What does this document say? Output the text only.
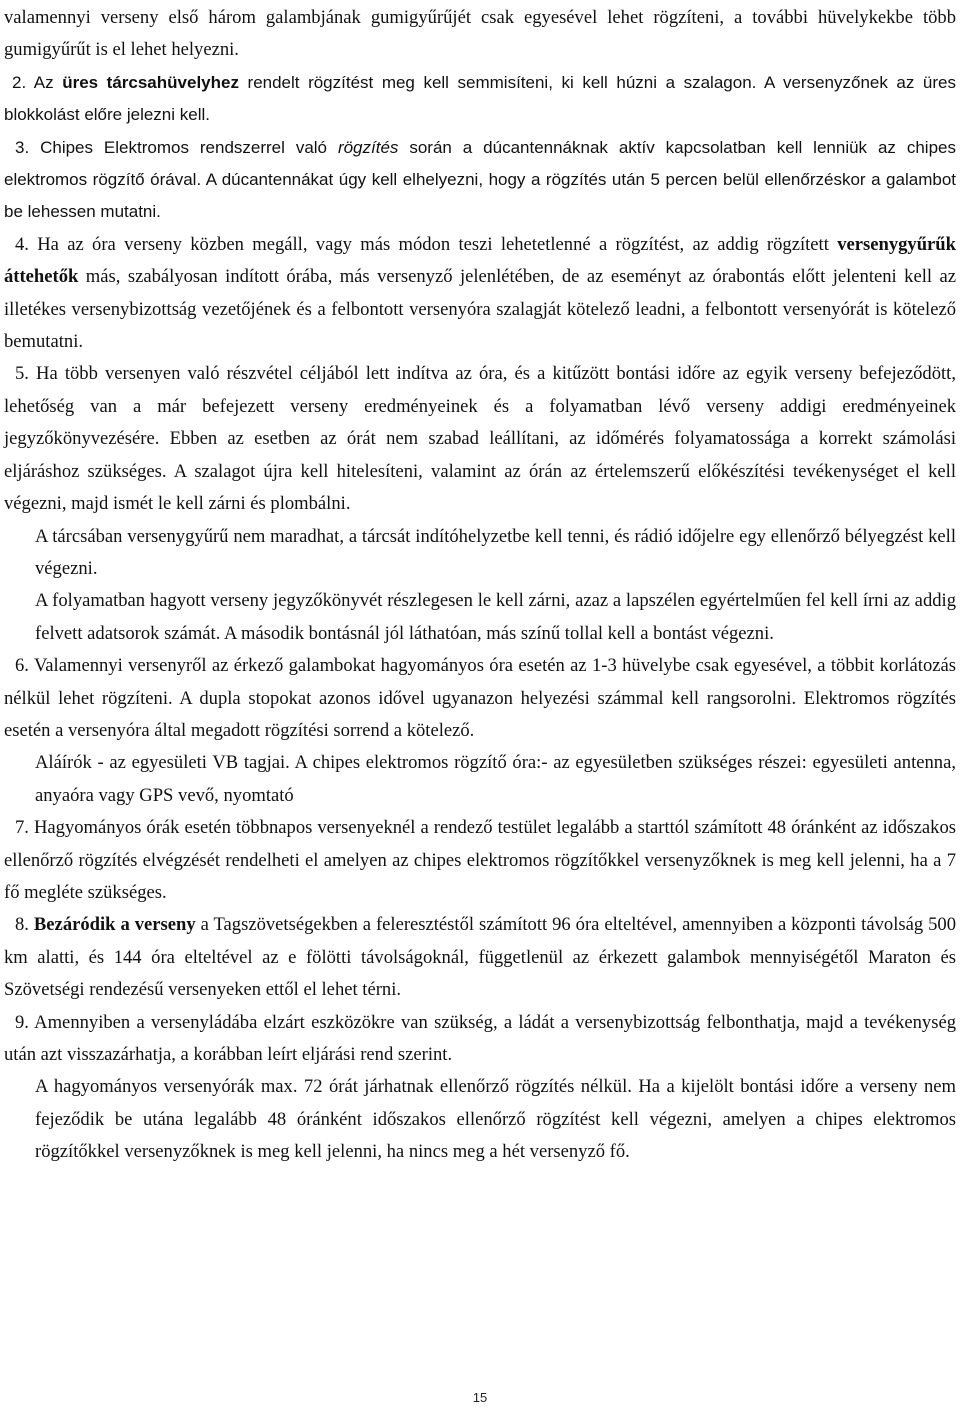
valamennyi verseny első három galambjának gumigyűrűjét csak egyesével lehet rögzíteni, a további hüvelykekbe több gumigyűrűt is el lehet helyezni.

2. Az üres tárcsahüvelyhez rendelt rögzítést meg kell semmisíteni, ki kell húzni a szalagon. A versenyzőnek az üres blokkolást előre jelezni kell.

3. Chipes Elektromos rendszerrel való rögzítés során a dúcantennáknak aktív kapcsolatban kell lenniük az chipes elektromos rögzítő órával. A dúcantennákat úgy kell elhelyezni, hogy a rögzítés után 5 percen belül ellenőrzéskor a galambot be lehessen mutatni.

4. Ha az óra verseny közben megáll, vagy más módon teszi lehetetlenné a rögzítést, az addig rögzített versenygyűrűk áttehetők más, szabályosan indított órába, más versenyző jelenlétében, de az eseményt az órabontás előtt jelenteni kell az illetékes versenybizottság vezetőjének és a felbontott versenyóra szalagját kötelező leadni, a felbontott versenyórát is kötelező bemutatni.

5. Ha több versenyen való részvétel céljából lett indítva az óra, és a kitűzött bontási időre az egyik verseny befejeződött, lehetőség van a már befejezett verseny eredményeinek és a folyamatban lévő verseny addigi eredményeinek jegyzőkönyvezésére. Ebben az esetben az órát nem szabad leállítani, az időmérés folyamatossága a korrekt számolási eljáráshoz szükséges. A szalagot újra kell hitelesíteni, valamint az órán az értelemszerű előkészítési tevékenységet el kell végezni, majd ismét le kell zárni és plombálni.

A tárcsában versenygyűrű nem maradhat, a tárcsát indítóhelyzetbe kell tenni, és rádió időjelre egy ellenőrző bélyegzést kell végezni.

A folyamatban hagyott verseny jegyzőkönyvét részlegesen le kell zárni, azaz a lapszélen egyértelműen fel kell írni az addig felvett adatsorok számát. A második bontásnál jól láthatóan, más színű tollal kell a bontást végezni.

6. Valamennyi versenyről az érkező galambokat hagyományos óra esetén az 1-3 hüvelybe csak egyesével, a többit korlátozás nélkül lehet rögzíteni. A dupla stopokat azonos idővel ugyanazon helyezési számmal kell rangsorolni. Elektromos rögzítés esetén a versenyóra által megadott rögzítési sorrend a kötelező.

Aláírók - az egyesületi VB tagjai. A chipes elektromos rögzítő óra:- az egyesületben szükséges részei: egyesületi antenna, anyaóra vagy GPS vevő, nyomtató

7. Hagyományos órák esetén többnapos versenyeknél a rendező testület legalább a starttól számított 48 óránként az időszakos ellenőrző rögzítés elvégzését rendelheti el amelyen az chipes elektromos rögzítőkkel versenyzőknek is meg kell jelenni, ha a 7 fő megléte szükséges.

8. Bezáródik a verseny a Tagszövetségekben a feleresztéstől számított 96 óra elteltével, amennyiben a központi távolság 500 km alatti, és 144 óra elteltével az e fölötti távolságoknál, függetlenül az érkezett galambok mennyiségétől Maraton és Szövetségi rendezésű versenyeken ettől el lehet térni.

9. Amennyiben a versenyládába elzárt eszközökre van szükség, a ládát a versenybizottság felbonthatja, majd a tevékenység után azt visszazárhatja, a korábban leírt eljárási rend szerint.

A hagyományos versenyórák max. 72 órát járhatnak ellenőrző rögzítés nélkül. Ha a kijelölt bontási időre a verseny nem fejeződik be utána legalább 48 óránként időszakos ellenőrző rögzítést kell végezni, amelyen a chipes elektromos rögzítőkkel versenyzőknek is meg kell jelenni, ha nincs meg a hét versenyző fő.

15
